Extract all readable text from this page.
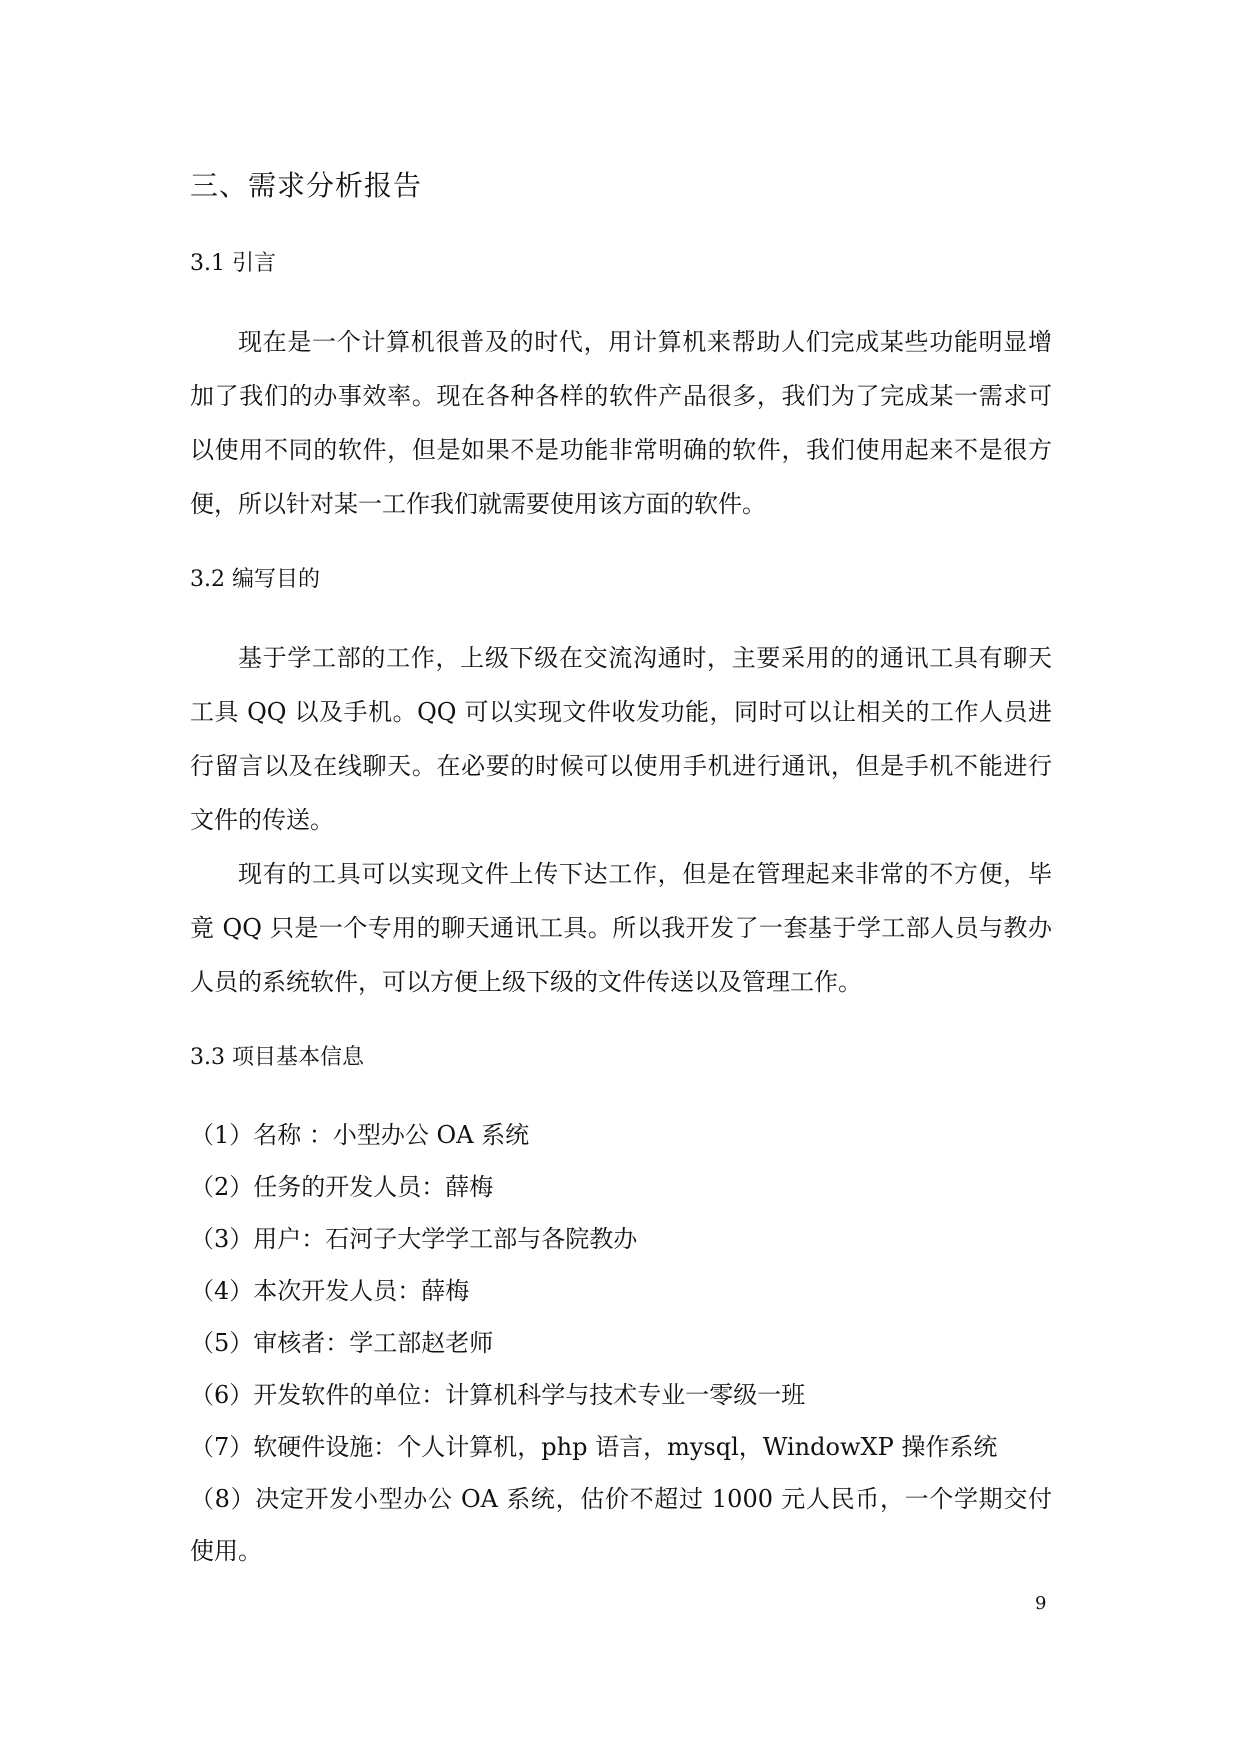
三、需求分析报告
3.1 引言

现在是一个计算机很普及的时代，用计算机来帮助人们完成某些功能明显增加了我们的办事效率。现在各种各样的软件产品很多，我们为了完成某一需求可以使用不同的软件，但是如果不是功能非常明确的软件，我们使用起来不是很方便，所以针对某一工作我们就需要使用该方面的软件。

3.2 编写目的

基于学工部的工作，上级下级在交流沟通时，主要采用的的通讯工具有聊天工具 QQ 以及手机。QQ 可以实现文件收发功能，同时可以让相关的工作人员进行留言以及在线聊天。在必要的时候可以使用手机进行通讯，但是手机不能进行文件的传送。

现有的工具可以实现文件上传下达工作，但是在管理起来非常的不方便，毕竟 QQ 只是一个专用的聊天通讯工具。所以我开发了一套基于学工部人员与教办人员的系统软件，可以方便上级下级的文件传送以及管理工作。

3.3 项目基本信息

（1）名称 ：小型办公 OA 系统

（2）任务的开发人员：薛梅

（3）用户：石河子大学学工部与各院教办

（4）本次开发人员：薛梅

（5）审核者：学工部赵老师

（6）开发软件的单位：计算机科学与技术专业一零级一班

（7）软硬件设施：个人计算机，php 语言，mysql，WindowXP 操作系统

（8）决定开发小型办公 OA 系统，估价不超过 1000 元人民币，一个学期交付使用。

9
